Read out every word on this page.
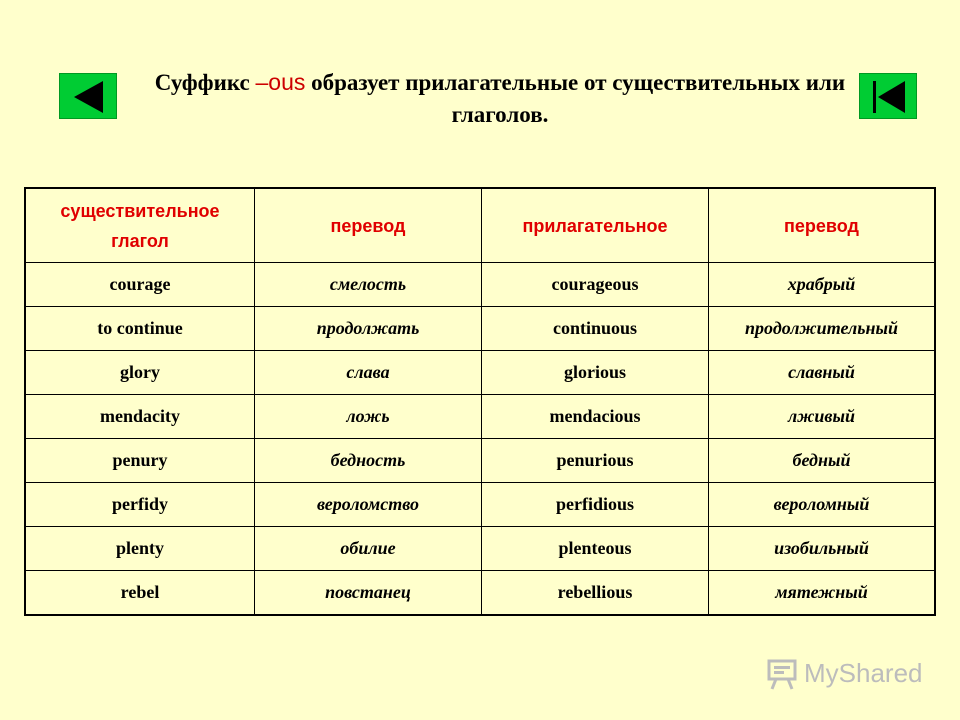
Суффикс –ous образует прилагательные от существительных или глаголов.
существительное
глагол	перевод	прилагательное	перевод
courage	смелость	courageous	храбрый
to continue	продолжать	continuous	продолжительный
glory	слава	glorious	славный
mendacity	ложь	mendacious	лживый
penury	бедность	penurious	бедный
perfidy	вероломство	perfidious	вероломный
plenty	обилие	plenteous	изобильный
rebel	повстанец	rebellious	мятежный
MyShared
